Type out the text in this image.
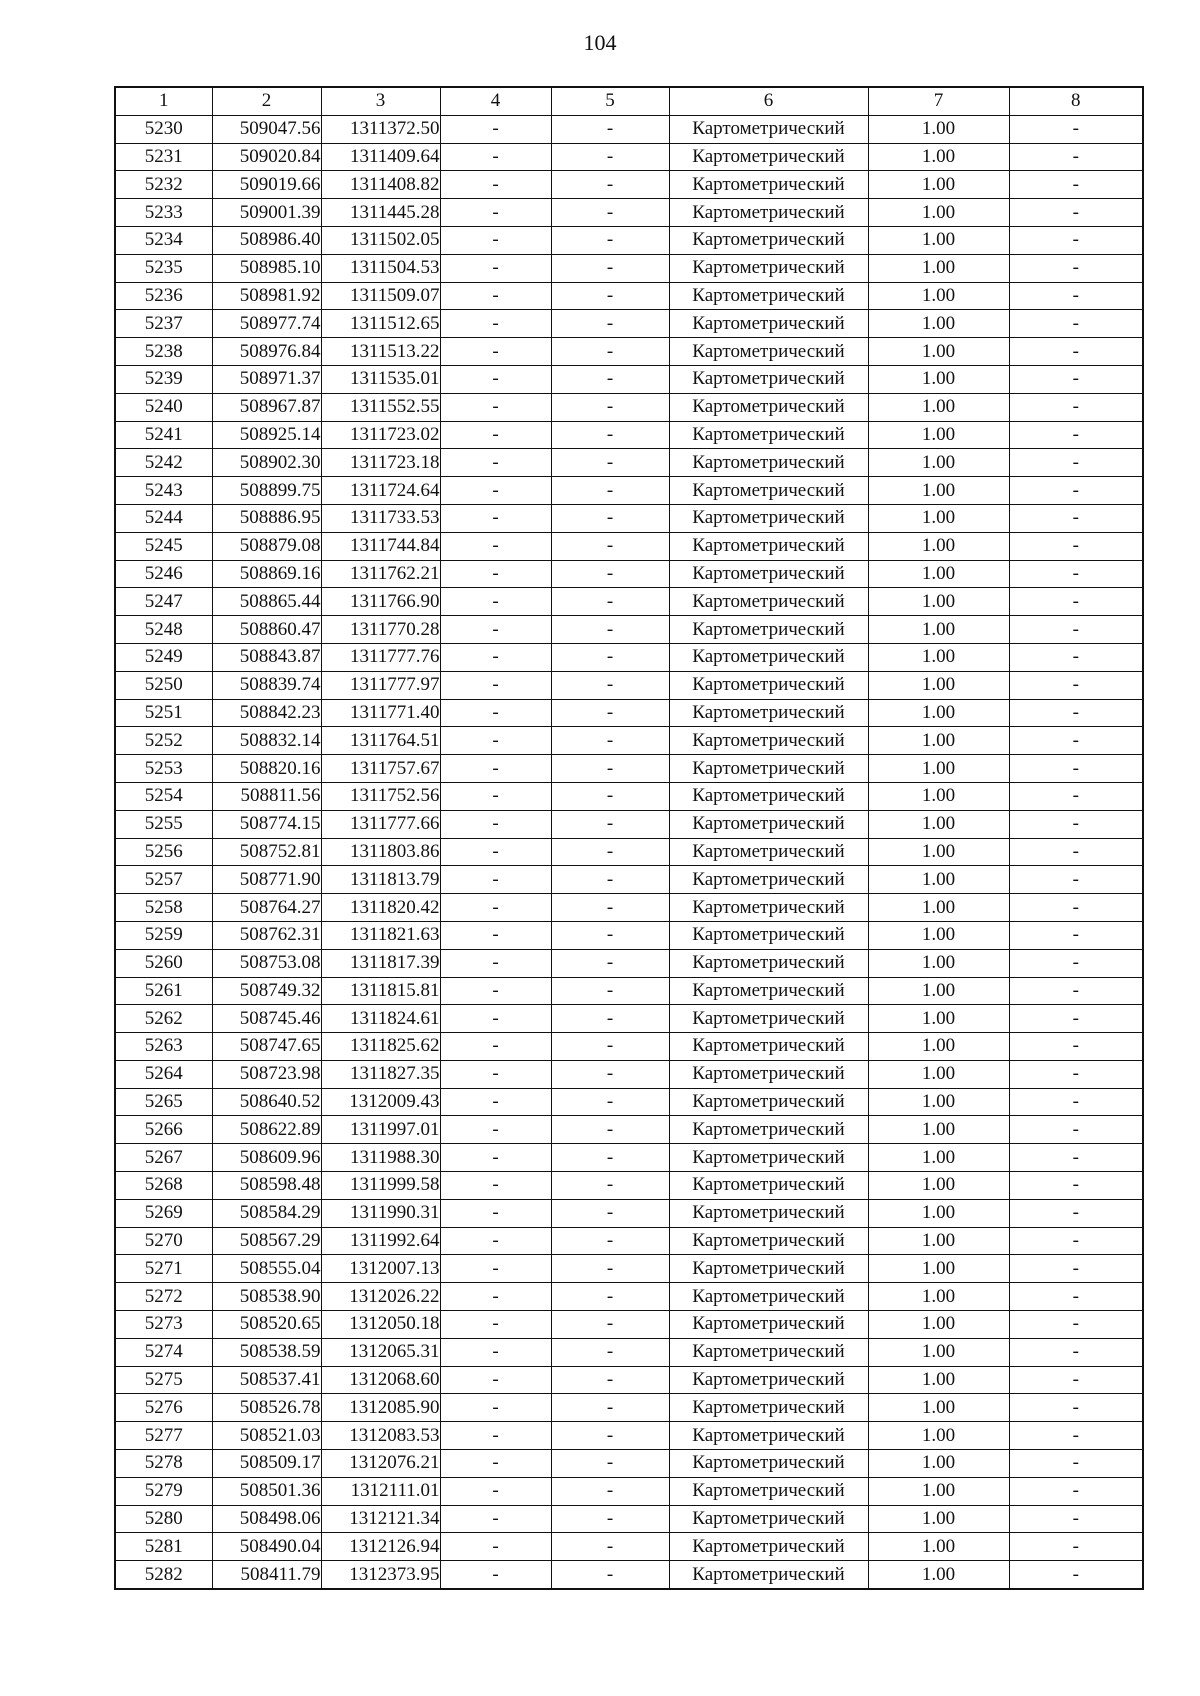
104
1	2	3	4	5	6	7	8
5230	509047.56	1311372.50	-	-	Картометрический	1.00	-
5231	509020.84	1311409.64	-	-	Картометрический	1.00	-
5232	509019.66	1311408.82	-	-	Картометрический	1.00	-
5233	509001.39	1311445.28	-	-	Картометрический	1.00	-
5234	508986.40	1311502.05	-	-	Картометрический	1.00	-
5235	508985.10	1311504.53	-	-	Картометрический	1.00	-
5236	508981.92	1311509.07	-	-	Картометрический	1.00	-
5237	508977.74	1311512.65	-	-	Картометрический	1.00	-
5238	508976.84	1311513.22	-	-	Картометрический	1.00	-
5239	508971.37	1311535.01	-	-	Картометрический	1.00	-
5240	508967.87	1311552.55	-	-	Картометрический	1.00	-
5241	508925.14	1311723.02	-	-	Картометрический	1.00	-
5242	508902.30	1311723.18	-	-	Картометрический	1.00	-
5243	508899.75	1311724.64	-	-	Картометрический	1.00	-
5244	508886.95	1311733.53	-	-	Картометрический	1.00	-
5245	508879.08	1311744.84	-	-	Картометрический	1.00	-
5246	508869.16	1311762.21	-	-	Картометрический	1.00	-
5247	508865.44	1311766.90	-	-	Картометрический	1.00	-
5248	508860.47	1311770.28	-	-	Картометрический	1.00	-
5249	508843.87	1311777.76	-	-	Картометрический	1.00	-
5250	508839.74	1311777.97	-	-	Картометрический	1.00	-
5251	508842.23	1311771.40	-	-	Картометрический	1.00	-
5252	508832.14	1311764.51	-	-	Картометрический	1.00	-
5253	508820.16	1311757.67	-	-	Картометрический	1.00	-
5254	508811.56	1311752.56	-	-	Картометрический	1.00	-
5255	508774.15	1311777.66	-	-	Картометрический	1.00	-
5256	508752.81	1311803.86	-	-	Картометрический	1.00	-
5257	508771.90	1311813.79	-	-	Картометрический	1.00	-
5258	508764.27	1311820.42	-	-	Картометрический	1.00	-
5259	508762.31	1311821.63	-	-	Картометрический	1.00	-
5260	508753.08	1311817.39	-	-	Картометрический	1.00	-
5261	508749.32	1311815.81	-	-	Картометрический	1.00	-
5262	508745.46	1311824.61	-	-	Картометрический	1.00	-
5263	508747.65	1311825.62	-	-	Картометрический	1.00	-
5264	508723.98	1311827.35	-	-	Картометрический	1.00	-
5265	508640.52	1312009.43	-	-	Картометрический	1.00	-
5266	508622.89	1311997.01	-	-	Картометрический	1.00	-
5267	508609.96	1311988.30	-	-	Картометрический	1.00	-
5268	508598.48	1311999.58	-	-	Картометрический	1.00	-
5269	508584.29	1311990.31	-	-	Картометрический	1.00	-
5270	508567.29	1311992.64	-	-	Картометрический	1.00	-
5271	508555.04	1312007.13	-	-	Картометрический	1.00	-
5272	508538.90	1312026.22	-	-	Картометрический	1.00	-
5273	508520.65	1312050.18	-	-	Картометрический	1.00	-
5274	508538.59	1312065.31	-	-	Картометрический	1.00	-
5275	508537.41	1312068.60	-	-	Картометрический	1.00	-
5276	508526.78	1312085.90	-	-	Картометрический	1.00	-
5277	508521.03	1312083.53	-	-	Картометрический	1.00	-
5278	508509.17	1312076.21	-	-	Картометрический	1.00	-
5279	508501.36	1312111.01	-	-	Картометрический	1.00	-
5280	508498.06	1312121.34	-	-	Картометрический	1.00	-
5281	508490.04	1312126.94	-	-	Картометрический	1.00	-
5282	508411.79	1312373.95	-	-	Картометрический	1.00	-
